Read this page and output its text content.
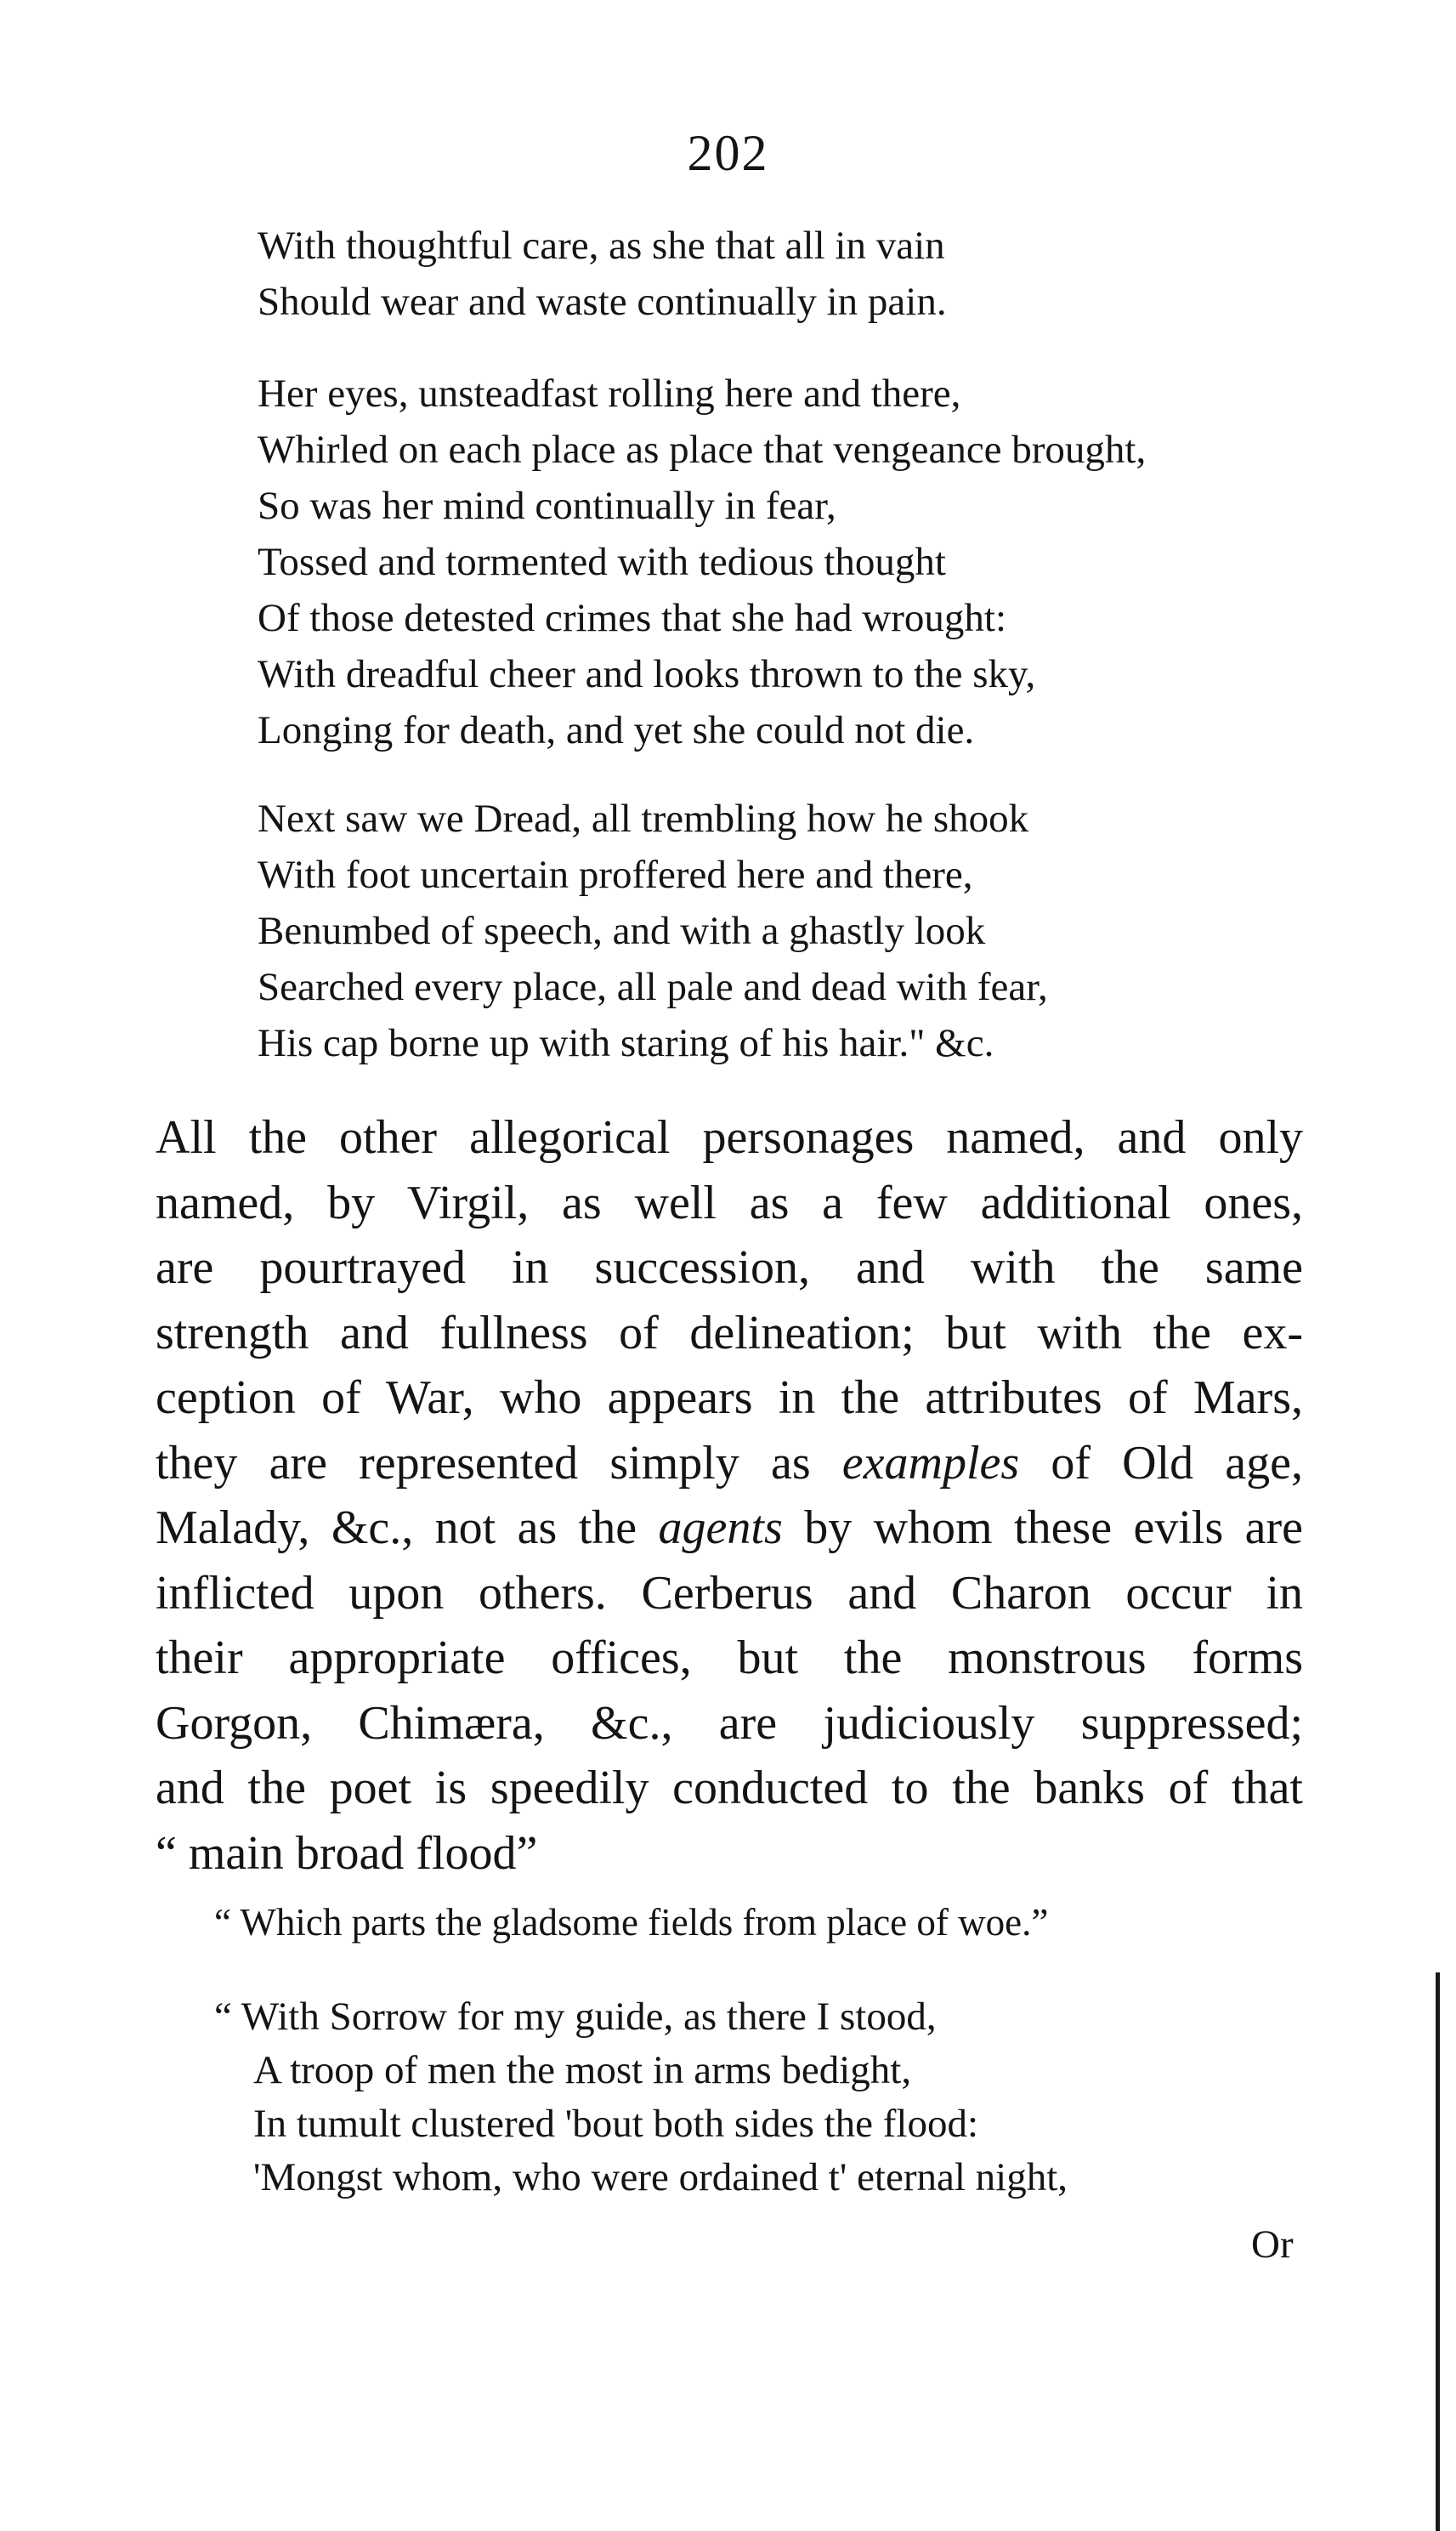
202
With thoughtful care, as she that all in vain
Should wear and waste continually in pain.
Her eyes, unsteadfast rolling here and there,
Whirled on each place as place that vengeance brought,
So was her mind continually in fear,
Tossed and tormented with tedious thought
Of those detested crimes that she had wrought:
With dreadful cheer and looks thrown to the sky,
Longing for death, and yet she could not die.
Next saw we Dread, all trembling how he shook
With foot uncertain proffered here and there,
Benumbed of speech, and with a ghastly look
Searched every place, all pale and dead with fear,
His cap borne up with staring of his hair." &c.
All the other allegorical personages named, and only
named, by Virgil, as well as a few additional ones,
are pourtrayed in succession, and with the same
strength and fullness of delineation; but with the ex-
ception of War, who appears in the attributes of Mars,
they are represented simply as examples of Old age,
Malady, &c., not as the agents by whom these evils are
inflicted upon others. Cerberus and Charon occur in
their appropriate offices, but the monstrous forms
Gorgon, Chimæra, &c., are judiciously suppressed;
and the poet is speedily conducted to the banks of that
“ main broad flood”

“ Which parts the gladsome fields from place of woe.”

“ With Sorrow for my guide, as there I stood,
A troop of men the most in arms bedight,
In tumult clustered 'bout both sides the flood:
'Mongst whom, who were ordained t' eternal night,

Or
